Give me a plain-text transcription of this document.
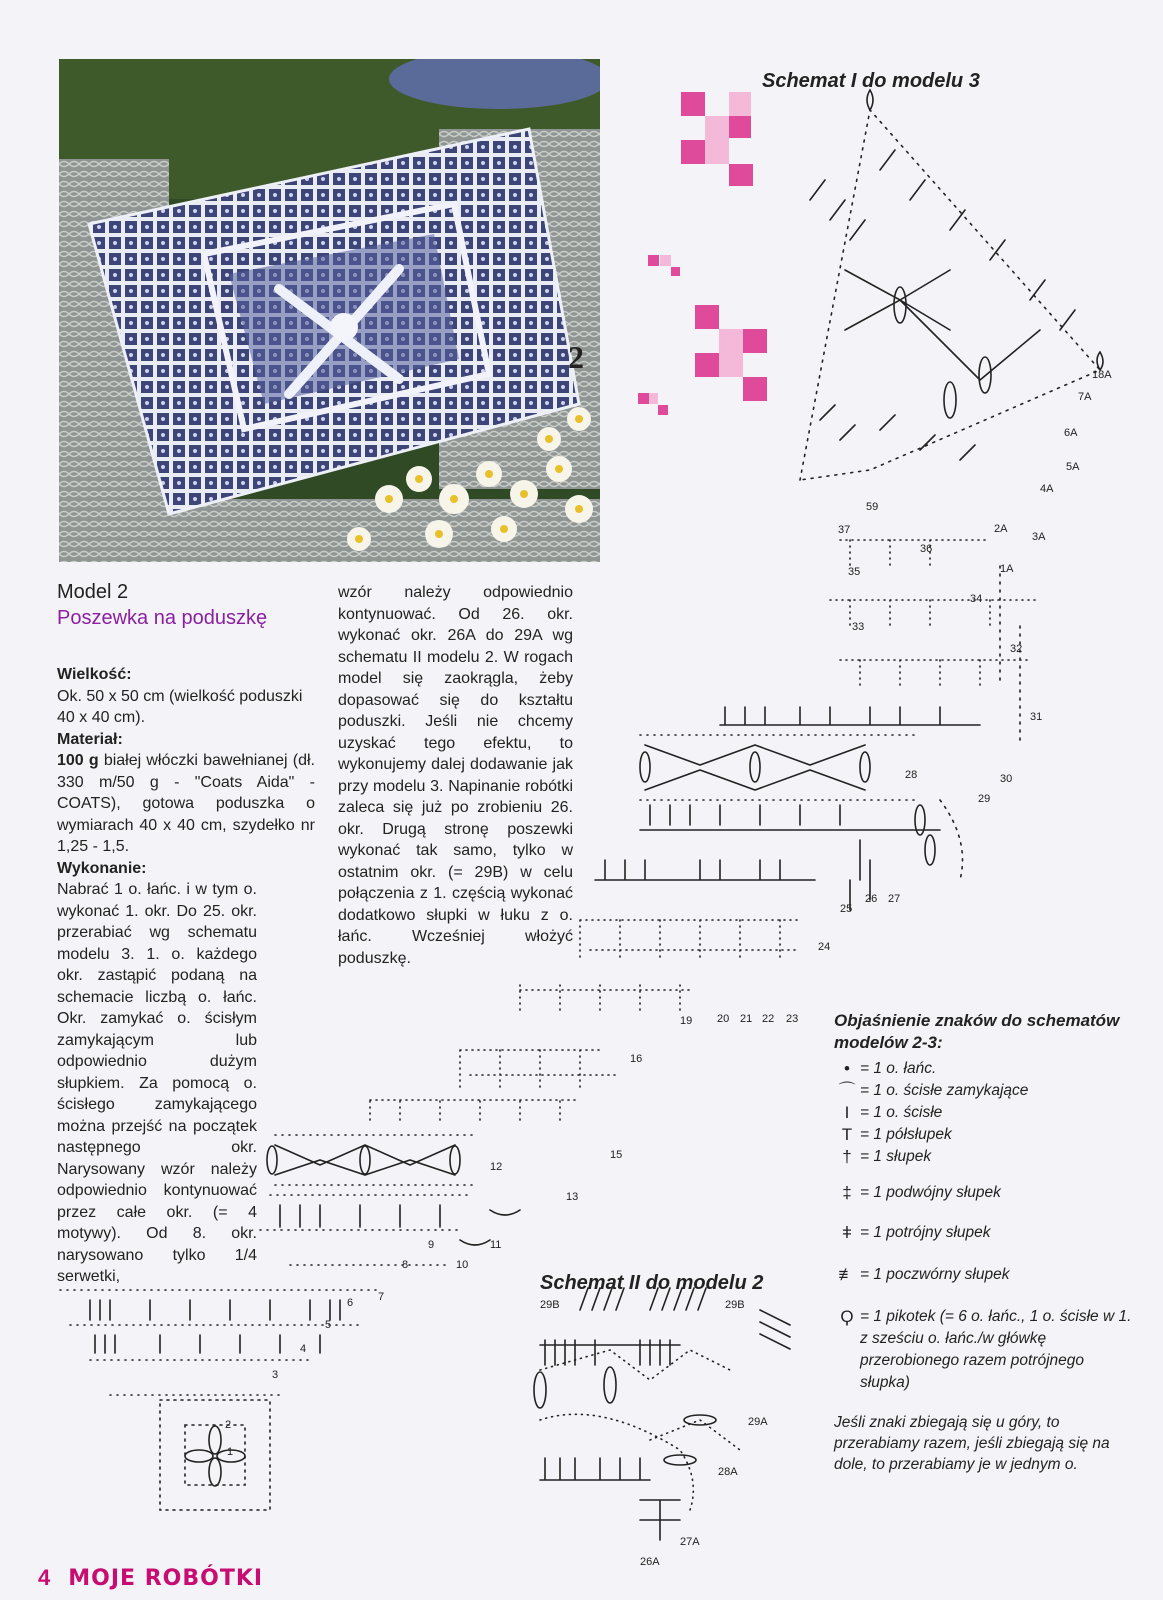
2

Model 2

Poszewka na poduszkę

Wielkość:

Ok. 50 x 50 cm (wielkość poduszki 40 x 40 cm).

Materiał:

100 g białej włóczki bawełnianej (dł. 330 m/50 g - "Coats Aida" - COATS), gotowa poduszka o wymiarach 40 x 40 cm, szydełko nr 1,25 - 1,5.

Wykonanie:

Nabrać 1 o. łańc. i w tym o. wykonać 1. okr. Do 25. okr. przerabiać wg schematu modelu 3. 1. o. każdego okr. zastąpić podaną na schemacie liczbą o. łańc. Okr. zamykać o. ścisłym zamykającym lub odpowiednio dużym słupkiem. Za pomocą o. ścisłego zamykającego można przejść na początek następnego okr. Narysowany wzór należy odpowiednio kontynuować przez całe okr. (= 4 motywy). Od 8. okr. narysowano tylko 1/4 serwetki,

wzór należy odpowiednio kontynuować. Od 26. okr. wykonać okr. 26A do 29A wg schematu II modelu 2. W rogach model się zaokrągla, żeby dopasować się do kształtu poduszki. Jeśli nie chcemy uzyskać tego efektu, to wykonujemy dalej dodawanie jak przy modelu 3. Napinanie robótki zaleca się już po zrobieniu 26. okr. Drugą stronę poszewki wykonać tak samo, tylko w ostatnim okr. (= 29B) w celu połączenia z 1. częścią wykonać dodatkowo słupki w łuku z o. łańc. Wcześniej włożyć poduszkę.

Schemat I do modelu 3
Schemat II do modelu 2
1
2
3
4
5
6 7
8
9
10
11
12
13
15
16
19 20 21 22 23
24
25
26 27
28
29
30
31
32
33
34
35
36
37
59
1A
2A
3A
4A
5A
6A
7A
18A
29B	29B
29A
28A
27A
26A

Objaśnienie znaków do schematów modelów 2-3:

• = 1 o. łańc.
⌒ = 1 o. ścisłe zamykające
I = 1 o. ścisłe
T = 1 półsłupek
† = 1 słupek
‡ = 1 podwójny słupek
ǂ = 1 potrójny słupek
≢ = 1 poczwórny słupek
Ϙ = 1 pikotek (= 6 o. łańc., 1 o. ścisłe w 1. z sześciu o. łańc./w główkę przerobionego razem potrójnego słupka)

Jeśli znaki zbiegają się u góry, to przerabiamy razem, jeśli zbiegają się na dole, to przerabiamy je w jednym o.

4 MOJE ROBÓTKI
